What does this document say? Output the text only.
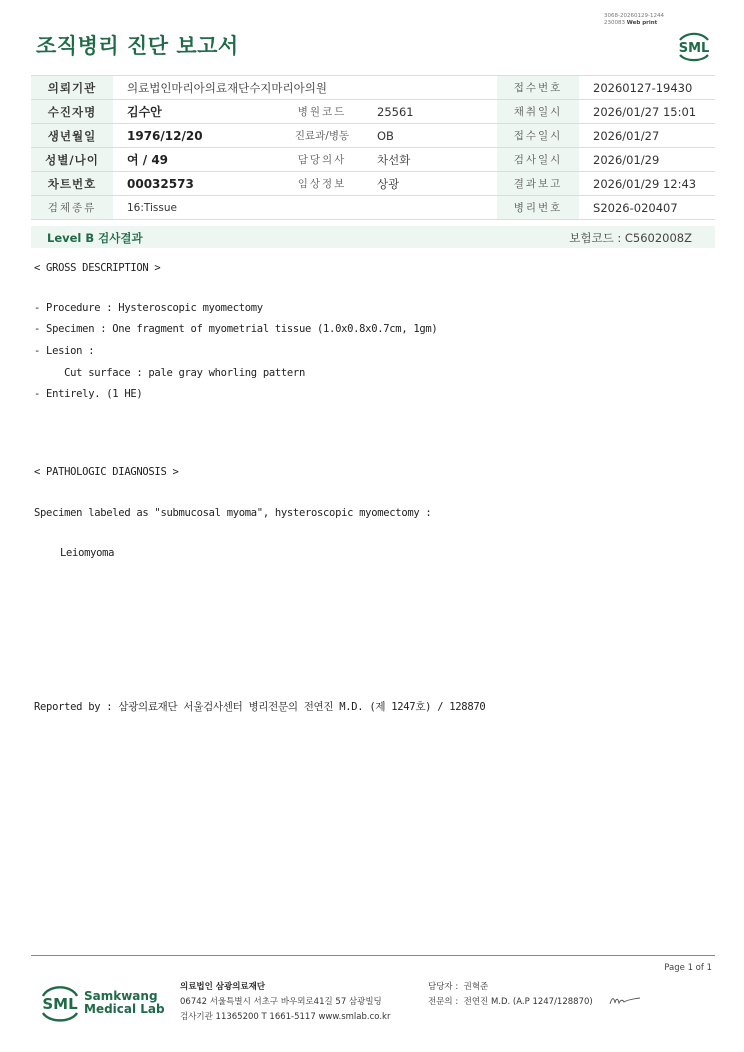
조직병리 진단 보고서
3068-20260129-1244
230083 Web print
SML
의뢰기관	의료법인마리아의료재단수지마리아의원			접수번호	20260127-19430
수진자명	김수안	병원코드	25561	채취일시	2026/01/27 15:01
생년월일	1976/12/20	진료과/병동	OB	접수일시	2026/01/27
성별/나이	여 / 49	담당의사	차선화	검사일시	2026/01/29
차트번호	00032573	임상정보	상광	결과보고	2026/01/29 12:43
검체종류	16:Tissue			병리번호	S2026-020407
Level B 검사결과	보험코드 : C5602008Z
< GROSS DESCRIPTION >
- Procedure : Hysteroscopic myomectomy
- Specimen : One fragment of myometrial tissue (1.0x0.8x0.7cm, 1gm)
- Lesion :
Cut surface : pale gray whorling pattern
- Entirely. (1 HE)
< PATHOLOGIC DIAGNOSIS >
Specimen labeled as "submucosal myoma", hysteroscopic myomectomy :
Leiomyoma
Reported by : 삼광의료재단 서울검사센터 병리전문의 전연진 M.D. (제 1247호) / 128870
Page 1 of 1
SML Samkwang
Medical Lab
의료법인 삼광의료재단
06742 서울특별시 서초구 바우뫼로41길 57 삼광빌딩
검사기관 11365200 T 1661-5117 www.smlab.co.kr
담당자 : 권혁준
전문의 : 전연진 M.D. (A.P 1247/128870)
